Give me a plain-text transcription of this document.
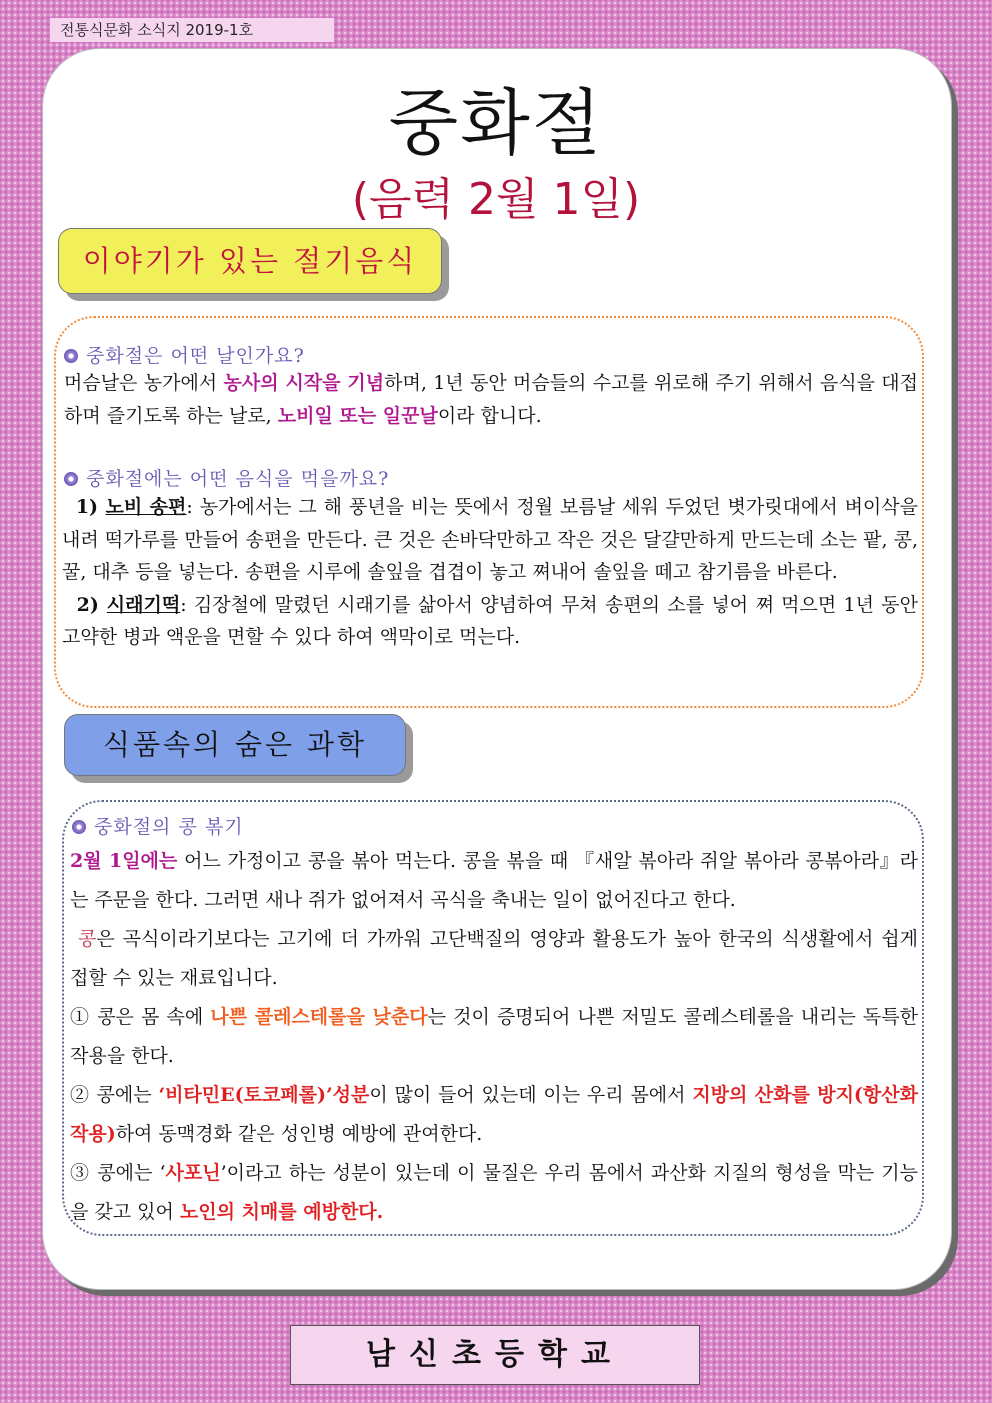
전통식문화 소식지 2019-1호
중화절
(음력 2월 1일)
이야기가 있는 절기음식
중화절은 어떤 날인가요?
머슴날은 농가에서 농사의 시작을 기념하며, 1년 동안 머슴들의 수고를 위로해 주기 위해서 음식을 대접하며 즐기도록 하는 날로, 노비일 또는 일꾼날이라 합니다.
중화절에는 어떤 음식을 먹을까요?
1) 노비 송편: 농가에서는 그 해 풍년을 비는 뜻에서 정월 보름날 세워 두었던 볏가릿대에서 벼이삭을 내려 떡가루를 만들어 송편을 만든다. 큰 것은 손바닥만하고 작은 것은 달걀만하게 만드는데 소는 팥, 콩, 꿀, 대추 등을 넣는다. 송편을 시루에 솔잎을 겹겹이 놓고 쪄내어 솔잎을 떼고 참기름을 바른다.
2) 시래기떡: 김장철에 말렸던 시래기를 삶아서 양념하여 무쳐 송편의 소를 넣어 쪄 먹으면 1년 동안 고약한 병과 액운을 면할 수 있다 하여 액막이로 먹는다.
식품속의 숨은 과학
중화절의 콩 볶기
2월 1일에는 어느 가정이고 콩을 볶아 먹는다. 콩을 볶을 때 『새알 볶아라 쥐알 볶아라 콩볶아라』라는 주문을 한다. 그러면 새나 쥐가 없어져서 곡식을 축내는 일이 없어진다고 한다.
콩은 곡식이라기보다는 고기에 더 가까워 고단백질의 영양과 활용도가 높아 한국의 식생활에서 쉽게 접할 수 있는 재료입니다.
① 콩은 몸 속에 나쁜 콜레스테롤을 낮춘다는 것이 증명되어 나쁜 저밀도 콜레스테롤을 내리는 독특한 작용을 한다.
② 콩에는 ‘비타민E(토코페롤)’성분이 많이 들어 있는데 이는 우리 몸에서 지방의 산화를 방지(항산화작용)하여 동맥경화 같은 성인병 예방에 관여한다.
③ 콩에는 ‘사포닌’이라고 하는 성분이 있는데 이 물질은 우리 몸에서 과산화 지질의 형성을 막는 기능을 갖고 있어 노인의 치매를 예방한다.
남신초등학교
